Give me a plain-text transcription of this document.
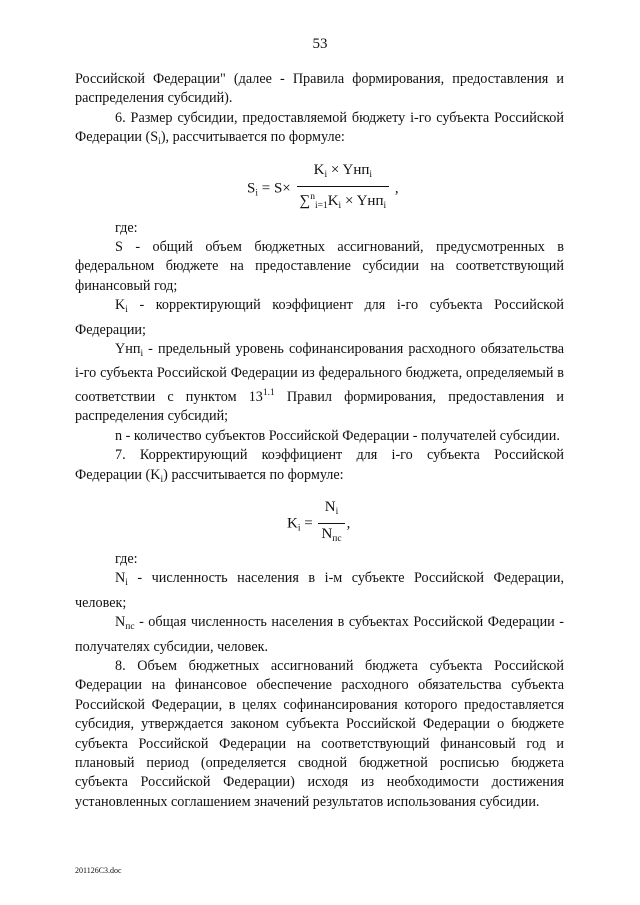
53

Российской Федерации" (далее - Правила формирования, предоставления и распределения субсидий).

6. Размер субсидии, предоставляемой бюджету i-го субъекта Российской Федерации $(S_i)$, рассчитывается по формуле:

$S_i = S\times \frac{K_i \times Yнп_i}{\sum^n_{i=1}K_i \times Yнп_i}$ ,
где:

S - общий объем бюджетных ассигнований, предусмотренных в федеральном бюджете на предоставление субсидии на соответствующий финансовый год;

$K_i$ - корректирующий коэффициент для i-го субъекта Российской Федерации;

Yнп$_i$ - предельный уровень софинансирования расходного обязательства i-го субъекта Российской Федерации из федерального бюджета, определяемый в соответствии с пунктом $13^{1.1}$ Правил формирования, предоставления и распределения субсидий;

n - количество субъектов Российской Федерации - получателей субсидии.

7. Корректирующий коэффициент для i-го субъекта Российской Федерации $(K_i)$ рассчитывается по формуле:

$K_i = \frac{N_i}{N_{пс}}$ ,
где:

$N_i$ - численность населения в i-м субъекте Российской Федерации, человек;

$N_{пс}$ - общая численность населения в субъектах Российской Федерации - получателях субсидии, человек.

8. Объем бюджетных ассигнований бюджета субъекта Российской Федерации на финансовое обеспечение расходного обязательства субъекта Российской Федерации, в целях софинансирования которого предоставляется субсидия, утверждается законом субъекта Российской Федерации о бюджете субъекта Российской Федерации на соответствующий финансовый год и плановый период (определяется сводной бюджетной росписью бюджета субъекта Российской Федерации) исходя из необходимости достижения установленных соглашением значений результатов использования субсидии.

201126C3.doc
